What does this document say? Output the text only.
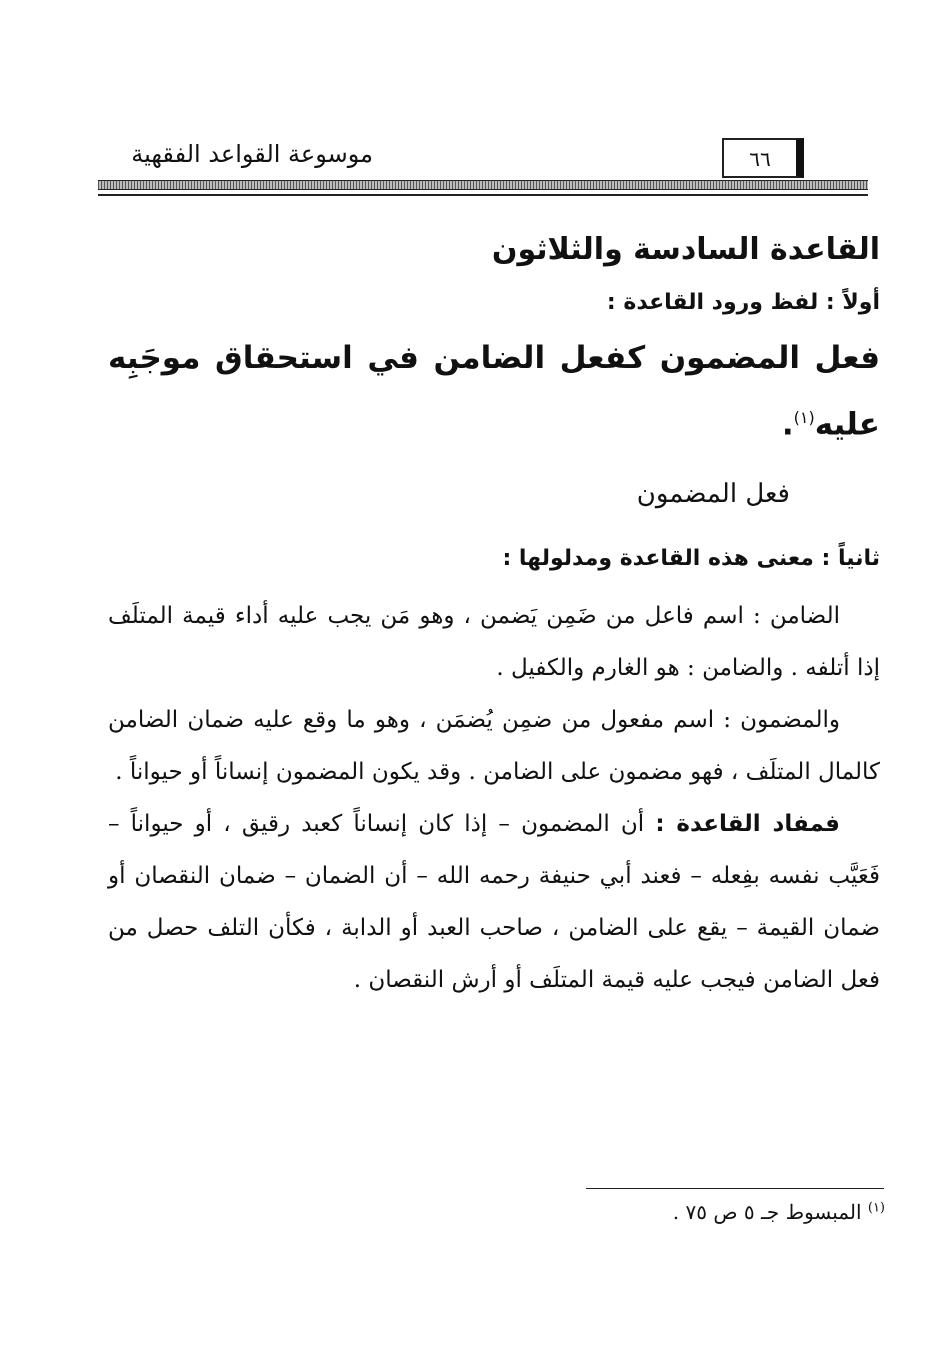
موسوعة القواعد الفقهية	٦٦
القاعدة السادسة والثلاثون

أولاً : لفظ ورود القاعدة :

فعل المضمون كفعل الضامن في استحقاق موجَبِه عليه$^{(١)}$.

فعل المضمون

ثانياً : معنى هذه القاعدة ومدلولها :

الضامن : اسم فاعل من ضَمِن يَضمن ، وهو مَن يجب عليه أداء قيمة المتلَف إذا أتلفه . والضامن : هو الغارم والكفيل .

والمضمون : اسم مفعول من ضمِن يُضمَن ، وهو ما وقع عليه ضمان الضامن كالمال المتلَف ، فهو مضمون على الضامن . وقد يكون المضمون إنساناً أو حيواناً .

فمفاد القاعدة : أن المضمون – إذا كان إنساناً كعبد رقيق ، أو حيواناً – فَعَيَّب نفسه بفِعله – فعند أبي حنيفة رحمه الله – أن الضمان – ضمان النقصان أو ضمان القيمة – يقع على الضامن ، صاحب العبد أو الدابة ، فكأن التلف حصل من فعل الضامن فيجب عليه قيمة المتلَف أو أرش النقصان .

$^{(١)}$ المبسوط جـ ٥ ص ٧٥ .
